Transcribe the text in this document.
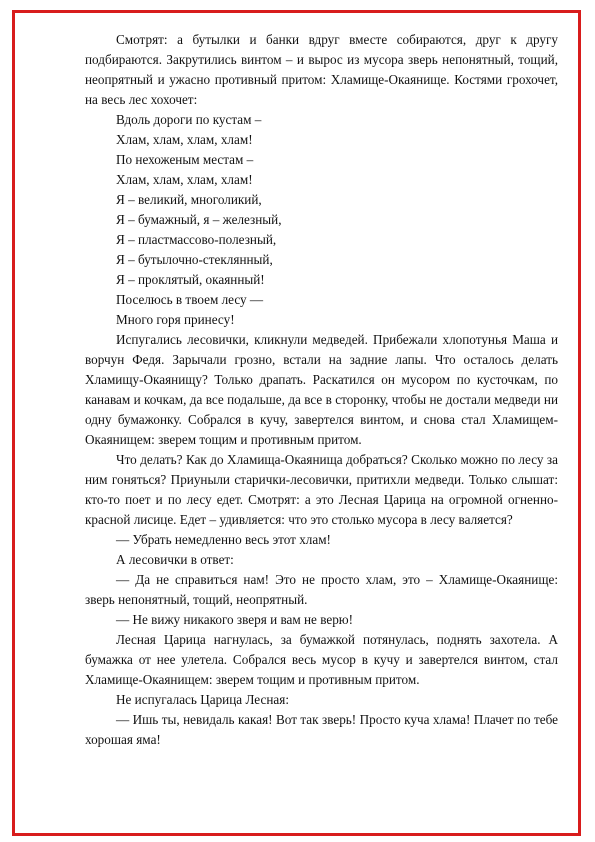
Смотрят: а бутылки и банки вдруг вместе собираются, друг к другу подбираются. Закрутились винтом – и вырос из мусора зверь непонятный, тощий, неопрятный и ужасно противный притом: Хламище-Окаянище. Костями грохочет, на весь лес хохочет:

Вдоль дороги по кустам –

Хлам, хлам, хлам, хлам!

По нехоженым местам –

Хлам, хлам, хлам, хлам!

Я – великий, многоликий,

Я – бумажный, я – железный,

Я – пластмассово-полезный,

Я – бутылочно-стеклянный,

Я – проклятый, окаянный!

Поселюсь в твоем лесу —

Много горя принесу!

Испугались лесовички, кликнули медведей. Прибежали хлопотунья Маша и ворчун Федя. Зарычали грозно, встали на задние лапы. Что осталось делать Хламищу-Окаянищу? Только драпать. Раскатился он мусором по кусточкам, по канавам и кочкам, да все подальше, да все в сторонку, чтобы не достали медведи ни одну бумажонку. Собрался в кучу, завертелся винтом, и снова стал Хламищем-Окаянищем: зверем тощим и противным притом.

Что делать? Как до Хламища-Окаянища добраться? Сколько можно по лесу за ним гоняться? Приуныли старички-лесовички, притихли медведи. Только слышат: кто-то поет и по лесу едет. Смотрят: а это Лесная Царица на огромной огненно-красной лисице. Едет – удивляется: что это столько мусора в лесу валяется?

— Убрать немедленно весь этот хлам!

А лесовички в ответ:

— Да не справиться нам! Это не просто хлам, это – Хламище-Окаянище: зверь непонятный, тощий, неопрятный.

— Не вижу никакого зверя и вам не верю!

Лесная Царица нагнулась, за бумажкой потянулась, поднять захотела. А бумажка от нее улетела. Собрался весь мусор в кучу и завертелся винтом, стал Хламище-Окаянищем: зверем тощим и противным притом.

Не испугалась Царица Лесная:

— Ишь ты, невидаль какая! Вот так зверь! Просто куча хлама! Плачет по тебе хорошая яма!
